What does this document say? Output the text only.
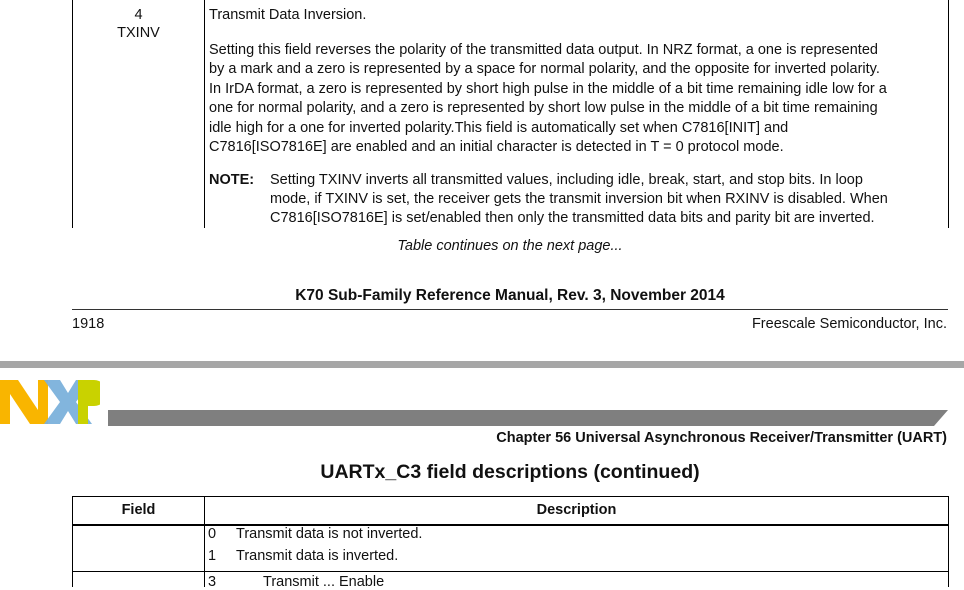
4
TXINV
Transmit Data Inversion.
Setting this field reverses the polarity of the transmitted data output. In NRZ format, a one is represented
by a mark and a zero is represented by a space for normal polarity, and the opposite for inverted polarity.
In IrDA format, a zero is represented by short high pulse in the middle of a bit time remaining idle low for a
one for normal polarity, and a zero is represented by short low pulse in the middle of a bit time remaining
idle high for a one for inverted polarity.This field is automatically set when C7816[INIT] and
C7816[ISO7816E] are enabled and an initial character is detected in T = 0 protocol mode.
NOTE: Setting TXINV inverts all transmitted values, including idle, break, start, and stop bits. In loop
mode, if TXINV is set, the receiver gets the transmit inversion bit when RXINV is disabled. When
C7816[ISO7816E] is set/enabled then only the transmitted data bits and parity bit are inverted.
Table continues on the next page...
K70 Sub-Family Reference Manual, Rev. 3, November 2014
1918	Freescale Semiconductor, Inc.
Chapter 56 Universal Asynchronous Receiver/Transmitter (UART)
UARTx_C3 field descriptions (continued)
Field	Description
0 Transmit data is not inverted.
1 Transmit data is inverted.
3	Transmit ... Enable
